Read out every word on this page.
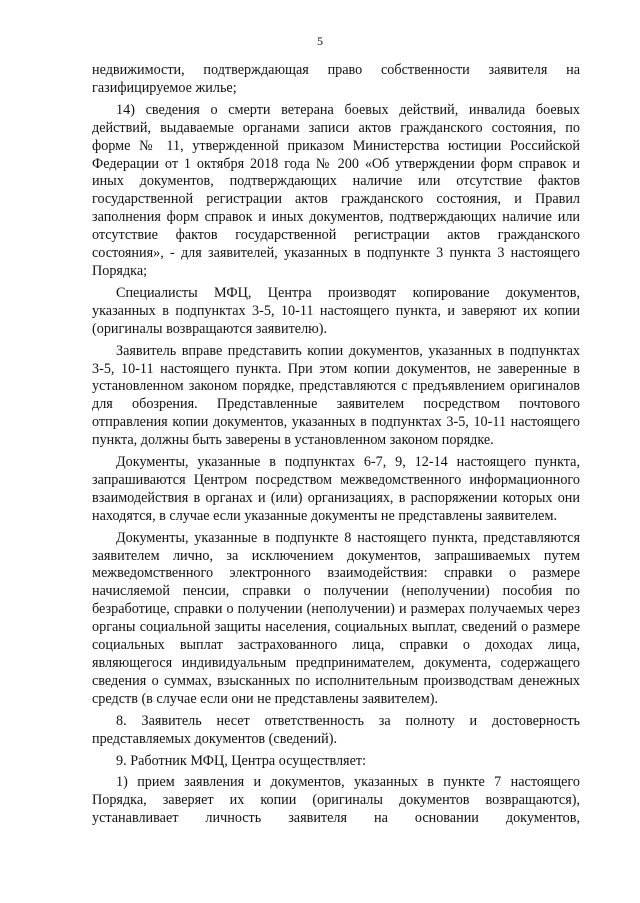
5

недвижимости, подтверждающая право собственности заявителя на газифицируемое жилье;

14) сведения о смерти ветерана боевых действий, инвалида боевых действий, выдаваемые органами записи актов гражданского состояния, по форме № 11, утвержденной приказом Министерства юстиции Российской Федерации от 1 октября 2018 года № 200 «Об утверждении форм справок и иных документов, подтверждающих наличие или отсутствие фактов государственной регистрации актов гражданского состояния, и Правил заполнения форм справок и иных документов, подтверждающих наличие или отсутствие фактов государственной регистрации актов гражданского состояния», - для заявителей, указанных в подпункте 3 пункта 3 настоящего Порядка;

Специалисты МФЦ, Центра производят копирование документов, указанных в подпунктах 3-5, 10-11 настоящего пункта, и заверяют их копии (оригиналы возвращаются заявителю).

Заявитель вправе представить копии документов, указанных в подпунктах 3-5, 10-11 настоящего пункта. При этом копии документов, не заверенные в установленном законом порядке, представляются с предъявлением оригиналов для обозрения. Представленные заявителем посредством почтового отправления копии документов, указанных в подпунктах 3-5, 10-11 настоящего пункта, должны быть заверены в установленном законом порядке.

Документы, указанные в подпунктах 6-7, 9, 12-14 настоящего пункта, запрашиваются Центром посредством межведомственного информационного взаимодействия в органах и (или) организациях, в распоряжении которых они находятся, в случае если указанные документы не представлены заявителем.

Документы, указанные в подпункте 8 настоящего пункта, представляются заявителем лично, за исключением документов, запрашиваемых путем межведомственного электронного взаимодействия: справки о размере начисляемой пенсии, справки о получении (неполучении) пособия по безработице, справки о получении (неполучении) и размерах получаемых через органы социальной защиты населения, социальных выплат, сведений о размере социальных выплат застрахованного лица, справки о доходах лица, являющегося индивидуальным предпринимателем, документа, содержащего сведения о суммах, взысканных по исполнительным производствам денежных средств (в случае если они не представлены заявителем).

8. Заявитель несет ответственность за полноту и достоверность представляемых документов (сведений).

9. Работник МФЦ, Центра осуществляет:

1) прием заявления и документов, указанных в пункте 7 настоящего Порядка, заверяет их копии (оригиналы документов возвращаются), устанавливает личность заявителя на основании документов,
